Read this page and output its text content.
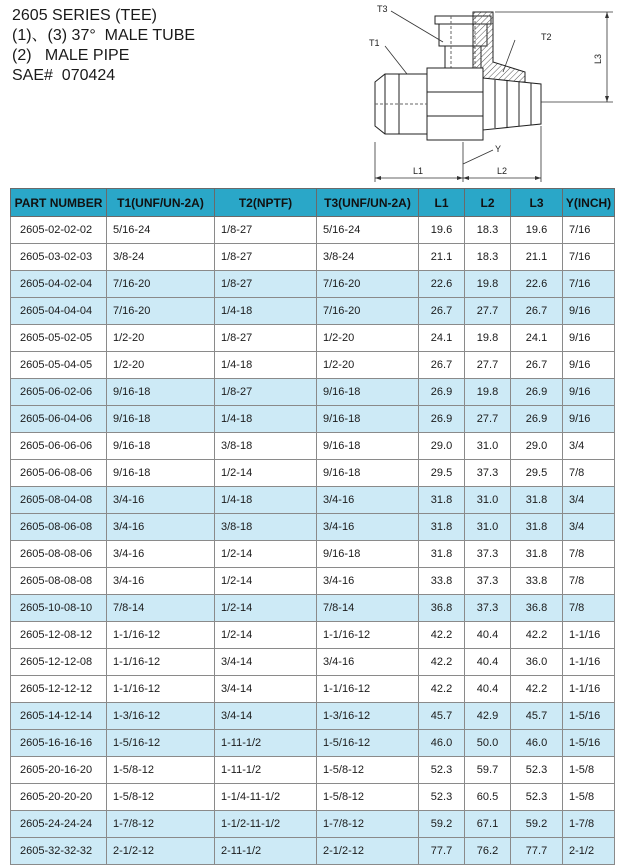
2605 SERIES (TEE)
(1)、(3) 37°  MALE TUBE
(2)   MALE PIPE
SAE#  070424
T1
T3
T2
Y
L1	L2
L3
PART NUMBER	T1(UNF/UN-2A)	T2(NPTF)	T3(UNF/UN-2A)	L1	L2	L3	Y(INCH)
2605-02-02-02	5/16-24	1/8-27	5/16-24	19.6	18.3	19.6	7/16
2605-03-02-03	3/8-24	1/8-27	3/8-24	21.1	18.3	21.1	7/16
2605-04-02-04	7/16-20	1/8-27	7/16-20	22.6	19.8	22.6	7/16
2605-04-04-04	7/16-20	1/4-18	7/16-20	26.7	27.7	26.7	9/16
2605-05-02-05	1/2-20	1/8-27	1/2-20	24.1	19.8	24.1	9/16
2605-05-04-05	1/2-20	1/4-18	1/2-20	26.7	27.7	26.7	9/16
2605-06-02-06	9/16-18	1/8-27	9/16-18	26.9	19.8	26.9	9/16
2605-06-04-06	9/16-18	1/4-18	9/16-18	26.9	27.7	26.9	9/16
2605-06-06-06	9/16-18	3/8-18	9/16-18	29.0	31.0	29.0	3/4
2605-06-08-06	9/16-18	1/2-14	9/16-18	29.5	37.3	29.5	7/8
2605-08-04-08	3/4-16	1/4-18	3/4-16	31.8	31.0	31.8	3/4
2605-08-06-08	3/4-16	3/8-18	3/4-16	31.8	31.0	31.8	3/4
2605-08-08-06	3/4-16	1/2-14	9/16-18	31.8	37.3	31.8	7/8
2605-08-08-08	3/4-16	1/2-14	3/4-16	33.8	37.3	33.8	7/8
2605-10-08-10	7/8-14	1/2-14	7/8-14	36.8	37.3	36.8	7/8
2605-12-08-12	1-1/16-12	1/2-14	1-1/16-12	42.2	40.4	42.2	1-1/16
2605-12-12-08	1-1/16-12	3/4-14	3/4-16	42.2	40.4	36.0	1-1/16
2605-12-12-12	1-1/16-12	3/4-14	1-1/16-12	42.2	40.4	42.2	1-1/16
2605-14-12-14	1-3/16-12	3/4-14	1-3/16-12	45.7	42.9	45.7	1-5/16
2605-16-16-16	1-5/16-12	1-11-1/2	1-5/16-12	46.0	50.0	46.0	1-5/16
2605-20-16-20	1-5/8-12	1-11-1/2	1-5/8-12	52.3	59.7	52.3	1-5/8
2605-20-20-20	1-5/8-12	1-1/4-11-1/2	1-5/8-12	52.3	60.5	52.3	1-5/8
2605-24-24-24	1-7/8-12	1-1/2-11-1/2	1-7/8-12	59.2	67.1	59.2	1-7/8
2605-32-32-32	2-1/2-12	2-11-1/2	2-1/2-12	77.7	76.2	77.7	2-1/2
